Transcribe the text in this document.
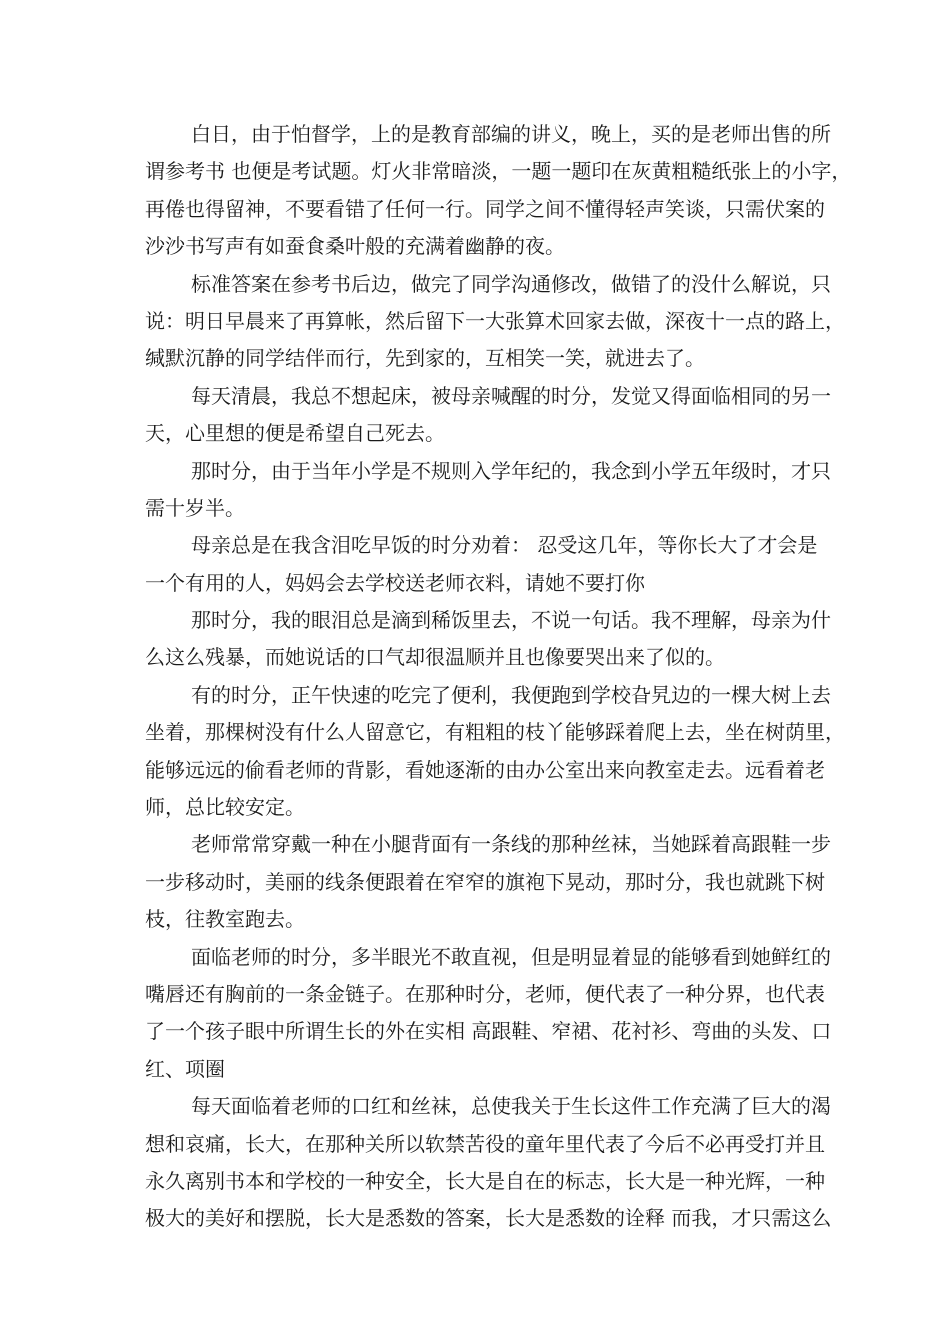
白日，由于怕督学，上的是教育部编的讲义，晚上，买的是老师出售的所
谓参考书 也便是考试题。灯火非常暗淡，一题一题印在灰黄粗糙纸张上的小字，
再倦也得留神，不要看错了任何一行。同学之间不懂得轻声笑谈，只需伏案的
沙沙书写声有如蚕食桑叶般的充满着幽静的夜。
标准答案在参考书后边，做完了同学沟通修改，做错了的没什么解说，只
说：明日早晨来了再算帐，然后留下一大张算术回家去做，深夜十一点的路上，
缄默沉静的同学结伴而行，先到家的，互相笑一笑，就进去了。
每天清晨，我总不想起床，被母亲喊醒的时分，发觉又得面临相同的另一
天，心里想的便是希望自己死去。
那时分，由于当年小学是不规则入学年纪的，我念到小学五年级时，才只
需十岁半。
母亲总是在我含泪吃早饭的时分劝着： 忍受这几年，等你长大了才会是
一个有用的人，妈妈会去学校送老师衣料，请她不要打你
那时分，我的眼泪总是滴到稀饭里去，不说一句话。我不理解，母亲为什
么这么残暴，而她说话的口气却很温顺并且也像要哭出来了似的。
有的时分，正午快速的吃完了便利，我便跑到学校旮旯边的一棵大树上去
坐着，那棵树没有什么人留意它，有粗粗的枝丫能够踩着爬上去，坐在树荫里，
能够远远的偷看老师的背影，看她逐渐的由办公室出来向教室走去。远看着老
师，总比较安定。
老师常常穿戴一种在小腿背面有一条线的那种丝袜，当她踩着高跟鞋一步
一步移动时，美丽的线条便跟着在窄窄的旗袍下晃动，那时分，我也就跳下树
枝，往教室跑去。
面临老师的时分，多半眼光不敢直视，但是明显着显的能够看到她鲜红的
嘴唇还有胸前的一条金链子。在那种时分，老师，便代表了一种分界，也代表
了一个孩子眼中所谓生长的外在实相 高跟鞋、窄裙、花衬衫、弯曲的头发、口
红、项圈
每天面临着老师的口红和丝袜，总使我关于生长这件工作充满了巨大的渴
想和哀痛，长大，在那种关所以软禁苦役的童年里代表了今后不必再受打并且
永久离别书本和学校的一种安全，长大是自在的标志，长大是一种光辉，一种
极大的美好和摆脱，长大是悉数的答案，长大是悉数的诠释 而我，才只需这么
